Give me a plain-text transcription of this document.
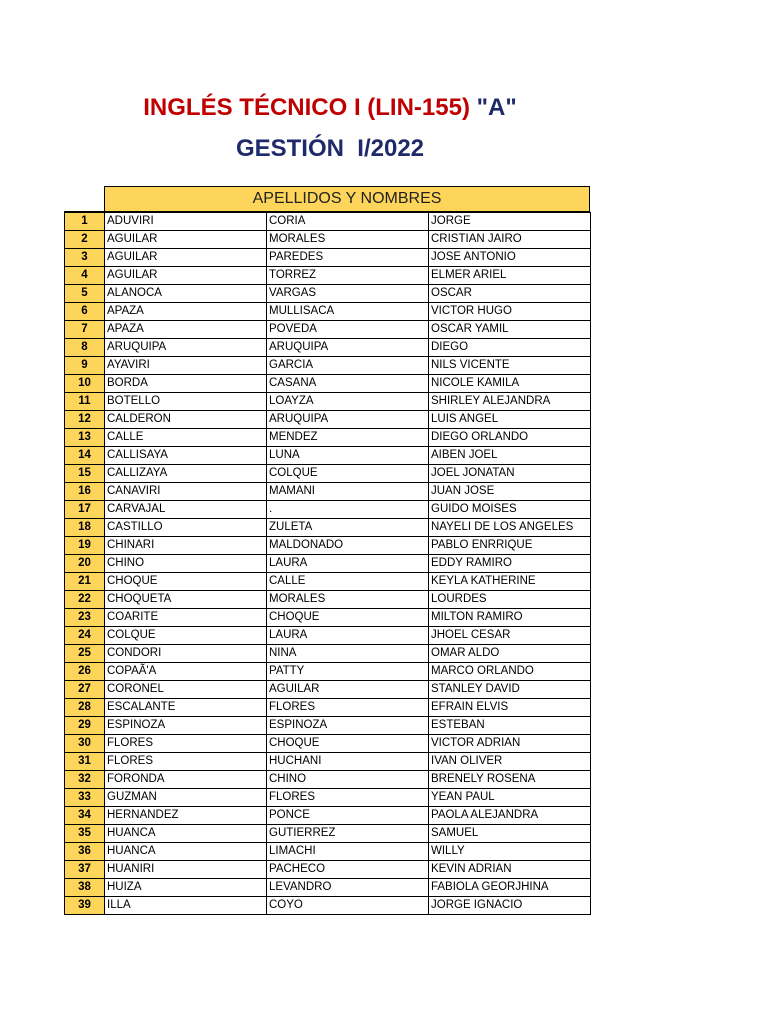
INGLÉS TÉCNICO I (LIN-155) "A"
GESTIÓN  I/2022
APELLIDOS Y NOMBRES
1	ADUVIRI	CORIA	JORGE
2	AGUILAR	MORALES	CRISTIAN JAIRO
3	AGUILAR	PAREDES	JOSE ANTONIO
4	AGUILAR	TORREZ	ELMER ARIEL
5	ALANOCA	VARGAS	OSCAR
6	APAZA	MULLISACA	VICTOR HUGO
7	APAZA	POVEDA	OSCAR YAMIL
8	ARUQUIPA	ARUQUIPA	DIEGO
9	AYAVIRI	GARCIA	NILS VICENTE
10	BORDA	CASANA	NICOLE KAMILA
11	BOTELLO	LOAYZA	SHIRLEY ALEJANDRA
12	CALDERON	ARUQUIPA	LUIS ANGEL
13	CALLE	MENDEZ	DIEGO ORLANDO
14	CALLISAYA	LUNA	AIBEN JOEL
15	CALLIZAYA	COLQUE	JOEL JONATAN
16	CANAVIRI	MAMANI	JUAN JOSE
17	CARVAJAL	.	GUIDO MOISES
18	CASTILLO	ZULETA	NAYELI DE LOS ANGELES
19	CHINARI	MALDONADO	PABLO ENRRIQUE
20	CHINO	LAURA	EDDY RAMIRO
21	CHOQUE	CALLE	KEYLA KATHERINE
22	CHOQUETA	MORALES	LOURDES
23	COARITE	CHOQUE	MILTON RAMIRO
24	COLQUE	LAURA	JHOEL CESAR
25	CONDORI	NINA	OMAR ALDO
26	COPAÃ'A	PATTY	MARCO ORLANDO
27	CORONEL	AGUILAR	STANLEY DAVID
28	ESCALANTE	FLORES	EFRAIN ELVIS
29	ESPINOZA	ESPINOZA	ESTEBAN
30	FLORES	CHOQUE	VICTOR ADRIAN
31	FLORES	HUCHANI	IVAN OLIVER
32	FORONDA	CHINO	BRENELY ROSENA
33	GUZMAN	FLORES	YEAN PAUL
34	HERNANDEZ	PONCE	PAOLA ALEJANDRA
35	HUANCA	GUTIERREZ	SAMUEL
36	HUANCA	LIMACHI	WILLY
37	HUANIRI	PACHECO	KEVIN ADRIAN
38	HUIZA	LEVANDRO	FABIOLA GEORJHINA
39	ILLA	COYO	JORGE IGNACIO
